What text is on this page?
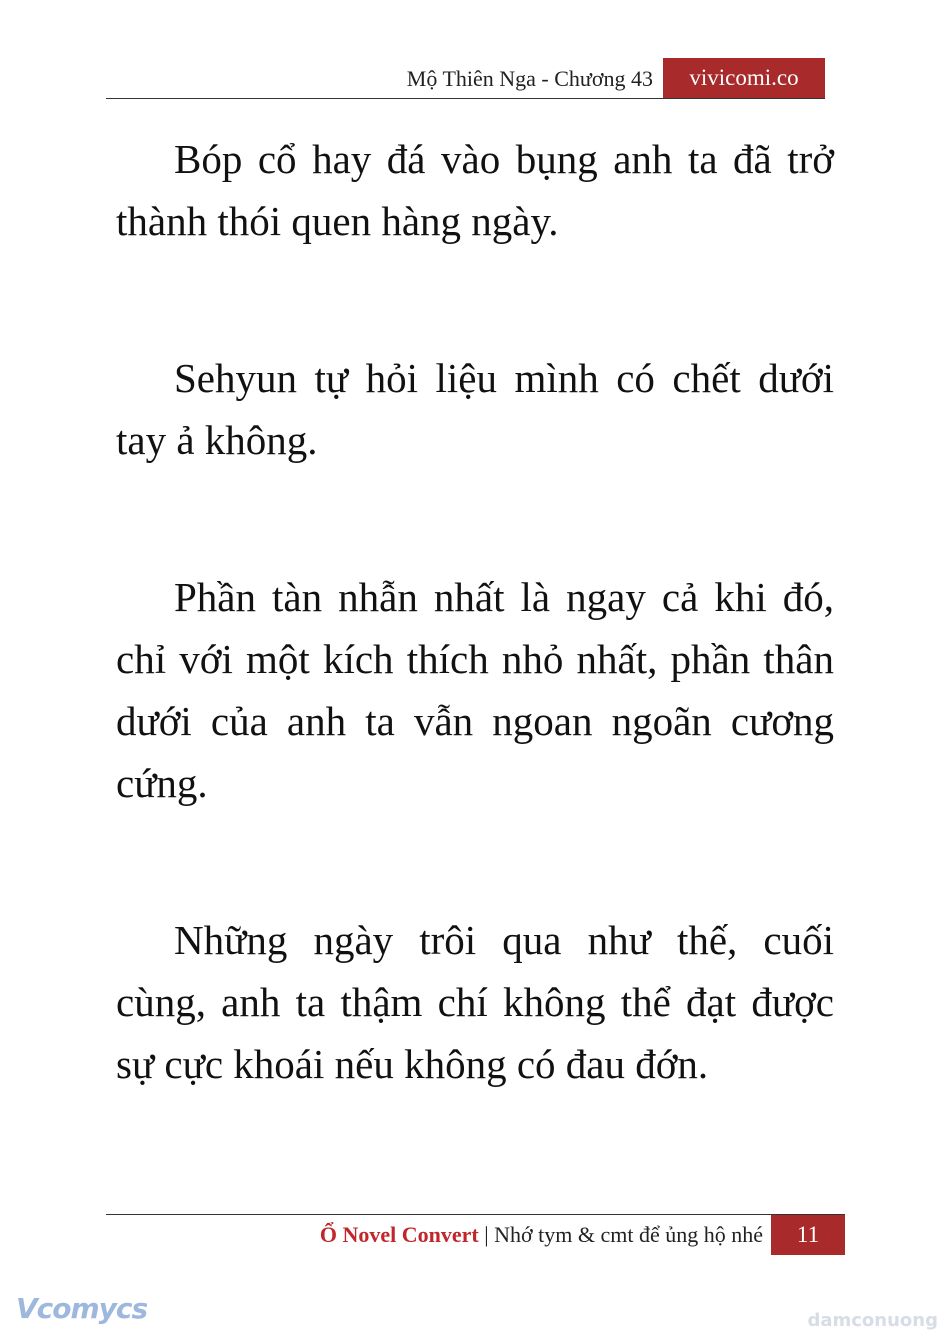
Mộ Thiên Nga - Chương 43	vivicomi.co

Bóp cổ hay đá vào bụng anh ta đã trở thành thói quen hàng ngày.

Sehyun tự hỏi liệu mình có chết dưới tay ả không.

Phần tàn nhẫn nhất là ngay cả khi đó, chỉ với một kích thích nhỏ nhất, phần thân dưới của anh ta vẫn ngoan ngoãn cương cứng.

Những ngày trôi qua như thế, cuối cùng, anh ta thậm chí không thể đạt được sự cực khoái nếu không có đau đớn.

Ổ Novel Convert | Nhớ tym & cmt để ủng hộ nhé	11
Vcomycs	damconuong
